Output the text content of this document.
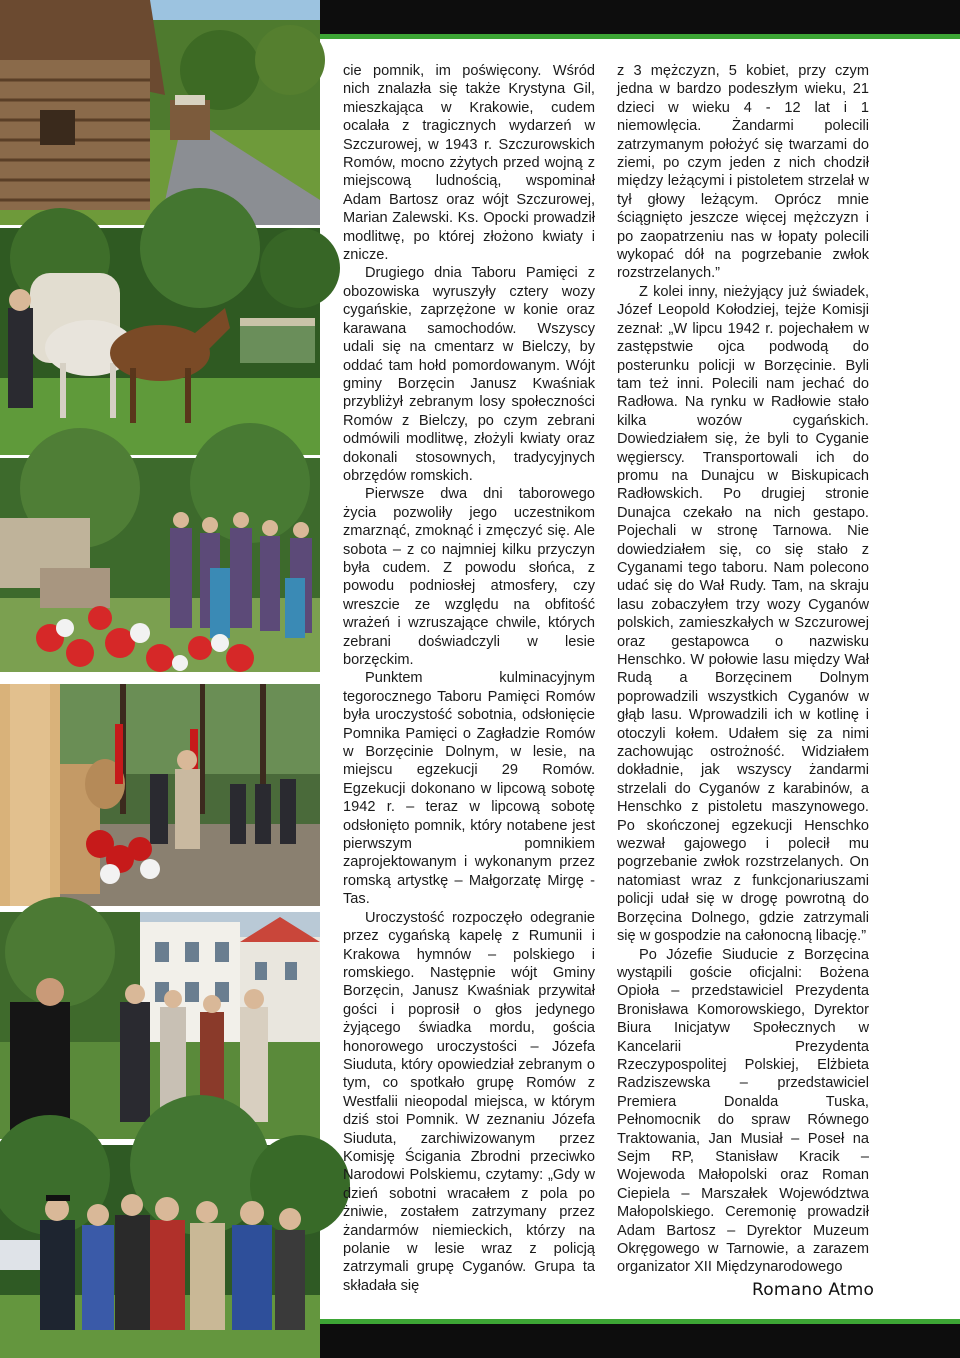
cie pomnik, im poświęcony. Wśród nich znalazła się także Krystyna Gil, mieszkająca w Krakowie, cudem ocalała z tragicznych wydarzeń w Szczurowej, w 1943 r. Szczurowskich Romów, mocno zżytych przed wojną z miejscową ludnością, wspominał Adam Bartosz oraz wójt Szczurowej, Marian Zalewski. Ks. Opocki prowadził modlitwę, po której złożono kwiaty i znicze.

Drugiego dnia Taboru Pamięci z obozowiska wyruszyły cztery wozy cygańskie, zaprzężone w konie oraz karawana samochodów. Wszyscy udali się na cmentarz w Bielczy, by oddać tam hołd pomordowanym. Wójt gminy Borzęcin Janusz Kwaśniak przybliżył zebranym losy społeczności Romów z Bielczy, po czym zebrani odmówili modlitwę, złożyli kwiaty oraz dokonali stosownych, tradycyjnych obrzędów romskich.

Pierwsze dwa dni taborowego życia pozwoliły jego uczestnikom zmarznąć, zmoknąć i zmęczyć się. Ale sobota – z co najmniej kilku przyczyn była cudem. Z powodu słońca, z powodu podniosłej atmosfery, czy wreszcie ze względu na obfitość wrażeń i wzruszające chwile, których zebrani doświadczyli w lesie borzęckim.

Punktem kulminacyjnym tegorocznego Taboru Pamięci Romów była uroczystość sobotnia, odsłonięcie Pomnika Pamięci o Zagładzie Romów w Borzęcinie Dolnym, w lesie, na miejscu egzekucji 29 Romów. Egzekucji dokonano w lipcową sobotę 1942 r. – teraz w lipcową sobotę odsłonięto pomnik, który notabene jest pierwszym pomnikiem zaprojektowanym i wykonanym przez romską artystkę – Małgorzatę Mirgę - Tas.

Uroczystość rozpoczęło odegranie przez cygańską kapelę z Rumunii i Krakowa hymnów – polskiego i romskiego. Następnie wójt Gminy Borzęcin, Janusz Kwaśniak przywitał gości i poprosił o głos jedynego żyjącego świadka mordu, gościa honorowego uroczystości – Józefa Siuduta, który opowiedział zebranym o tym, co spotkało grupę Romów z Westfalii nieopodal miejsca, w którym dziś stoi Pomnik. W zeznaniu Józefa Siuduta, zarchiwizowanym przez Komisję Ścigania Zbrodni przeciwko Narodowi Polskiemu, czytamy: „Gdy w dzień sobotni wracałem z pola po żniwie, zostałem zatrzymany przez żandarmów niemieckich, którzy na polanie w lesie wraz z policją zatrzymali grupę Cyganów. Grupa ta składała się

z 3 mężczyzn, 5 kobiet, przy czym jedna w bardzo podeszłym wieku, 21 dzieci w wieku 4 - 12 lat i 1 niemowlęcia. Żandarmi polecili zatrzymanym położyć się twarzami do ziemi, po czym jeden z nich chodził między leżącymi i pistoletem strzelał w tył głowy leżącym. Oprócz mnie ściągnięto jeszcze więcej mężczyzn i po zaopatrzeniu nas w łopaty polecili wykopać dół na pogrzebanie zwłok rozstrzelanych.”

Z kolei inny, nieżyjący już świadek, Józef Leopold Kołodziej, tejże Komisji zeznał: „W lipcu 1942 r. pojechałem w zastępstwie ojca podwodą do posterunku policji w Borzęcinie. Byli tam też inni. Polecili nam jechać do Radłowa. Na rynku w Radłowie stało kilka wozów cygańskich. Dowiedziałem się, że byli to Cyganie węgierscy. Transportowali ich do promu na Dunajcu w Biskupicach Radłowskich. Po drugiej stronie Dunajca czekało na nich gestapo. Pojechali w stronę Tarnowa. Nie dowiedziałem się, co się stało z Cyganami tego taboru. Nam polecono udać się do Wał Rudy. Tam, na skraju lasu zobaczyłem trzy wozy Cyganów polskich, zamieszkałych w Szczurowej oraz gestapowca o nazwisku Henschko. W połowie lasu między Wał Rudą a Borzęcinem Dolnym poprowadzili wszystkich Cyganów w głąb lasu. Wprowadzili ich w kotlinę i otoczyli kołem. Udałem się za nimi zachowując ostrożność. Widziałem dokładnie, jak wszyscy żandarmi strzelali do Cyganów z karabinów, a Henschko z pistoletu maszynowego. Po skończonej egzekucji Henschko wezwał gajowego i polecił mu pogrzebanie zwłok rozstrzelanych. On natomiast wraz z funkcjonariuszami policji udał się w drogę powrotną do Borzęcina Dolnego, gdzie zatrzymali się w gospodzie na całonocną libację.”

Po Józefie Siuducie z Borzęcina wystąpili goście oficjalni: Bożena Opioła – przedstawiciel Prezydenta Bronisława Komorowskiego, Dyrektor Biura Inicjatyw Społecznych w Kancelarii Prezydenta Rzeczypospolitej Polskiej, Elżbieta Radziszewska – przedstawiciel Premiera Donalda Tuska, Pełnomocnik do spraw Równego Traktowania, Jan Musiał – Poseł na Sejm RP, Stanisław Kracik – Wojewoda Małopolski oraz Roman Ciepiela – Marszałek Województwa Małopolskiego. Ceremonię prowadził Adam Bartosz – Dyrektor Muzeum Okręgowego w Tarnowie, a zarazem organizator XII Międzynarodowego

Romano Atmo
